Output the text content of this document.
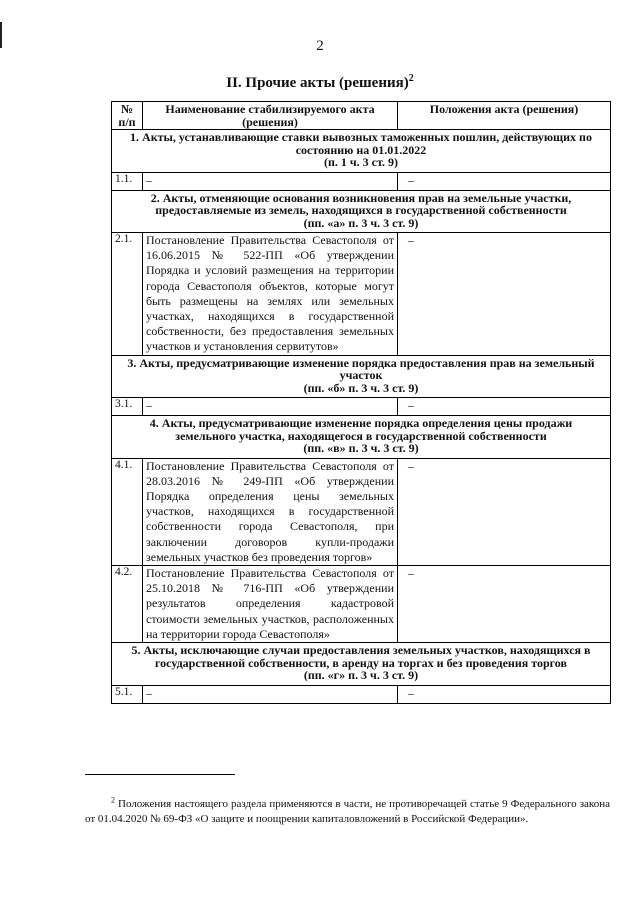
2
II. Прочие акты (решения)$^2$
№ п/п	Наименование стабилизируемого акта (решения)	Положения акта (решения)
1. Акты, устанавливающие ставки вывозных таможенных пошлин, действующих по состоянию на 01.01.2022
(п. 1 ч. 3 ст. 9)		

1.1.	–	–
2. Акты, отменяющие основания возникновения прав на земельные участки, предоставляемые из земель, находящихся в государственной собственности
(пп. «а» п. 3 ч. 3 ст. 9)		

2.1.	Постановление Правительства Севастополя от 16.06.2015 № 522-ПП «Об утверждении Порядка и условий размещения на территории города Севастополя объектов, которые могут быть размещены на землях или земельных участках, находящихся в государственной собственности, без предоставления земельных участков и установления сервитутов»	–
3. Акты, предусматривающие изменение порядка предоставления прав на земельный участок
(пп. «б» п. 3 ч. 3 ст. 9)		

3.1.	–	–
4. Акты, предусматривающие изменение порядка определения цены продажи земельного участка, находящегося в государственной собственности
(пп. «в» п. 3 ч. 3 ст. 9)		

4.1.	Постановление Правительства Севастополя от 28.03.2016 № 249-ПП «Об утверждении Порядка определения цены земельных участков, находящихся в государственной собственности города Севастополя, при заключении договоров купли-продажи земельных участков без проведения торгов»	–
4.2.	Постановление Правительства Севастополя от 25.10.2018 № 716-ПП «Об утверждении результатов определения кадастровой стоимости земельных участков, расположенных на территории города Севастополя»	–
5. Акты, исключающие случаи предоставления земельных участков, находящихся в государственной собственности, в аренду на торгах и без проведения торгов
(пп. «г» п. 3 ч. 3 ст. 9)		

5.1.	–	–
$^2$ Положения настоящего раздела применяются в части, не противоречащей статье 9 Федерального закона от 01.04.2020 № 69-ФЗ «О защите и поощрении капиталовложений в Российской Федерации».
